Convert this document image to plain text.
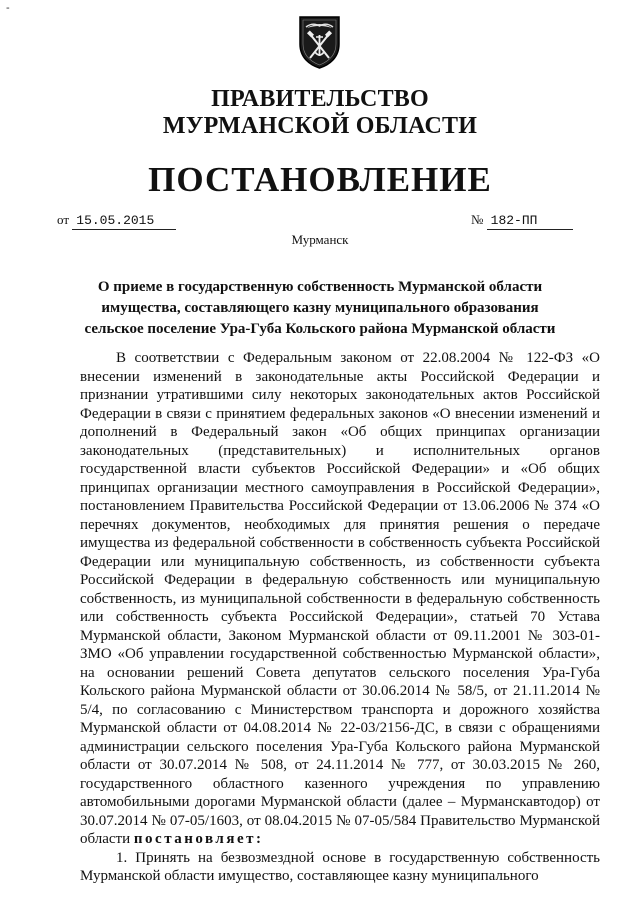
-
ПРАВИТЕЛЬСТВО
МУРМАНСКОЙ ОБЛАСТИ
ПОСТАНОВЛЕНИЕ
от 15.05.2015	№ 182-ПП
Мурманск
О приеме в государственную собственность Мурманской области
имущества, составляющего казну муниципального образования
сельское поселение Ура-Губа Кольского района Мурманской области

В соответствии с Федеральным законом от 22.08.2004 № 122-ФЗ «О внесении изменений в законодательные акты Российской Федерации и признании утратившими силу некоторых законодательных актов Российской Федерации в связи с принятием федеральных законов «О внесении изменений и дополнений в Федеральный закон «Об общих принципах организации законодательных (представительных) и исполнительных органов государственной власти субъектов Российской Федерации» и «Об общих принципах организации местного самоуправления в Российской Федерации», постановлением Правительства Российской Федерации от 13.06.2006 № 374 «О перечнях документов, необходимых для принятия решения о передаче имущества из федеральной собственности в собственность субъекта Российской Федерации или муниципальную собственность, из собственности субъекта Российской Федерации в федеральную собственность или муниципальную собственность, из муниципальной собственности в федеральную собственность или собственность субъекта Российской Федерации», статьей 70 Устава Мурманской области, Законом Мурманской области от 09.11.2001 № 303-01-ЗМО «Об управлении государственной собственностью Мурманской области», на основании решений Совета депутатов сельского поселения Ура-Губа Кольского района Мурманской области от 30.06.2014 № 58/5, от 21.11.2014 № 5/4, по согласованию с Министерством транспорта и дорожного хозяйства Мурманской области от 04.08.2014 № 22-03/2156-ДС, в связи с обращениями администрации сельского поселения Ура-Губа Кольского района Мурманской области от 30.07.2014 № 508, от 24.11.2014 № 777, от 30.03.2015 № 260, государственного областного казенного учреждения по управлению автомобильными дорогами Мурманской области (далее – Мурманскавтодор) от 30.07.2014 № 07-05/1603, от 08.04.2015 № 07-05/584 Правительство Мурманской области постановляет:

1. Принять на безвозмездной основе в государственную собственность Мурманской области имущество, составляющее казну муниципального
